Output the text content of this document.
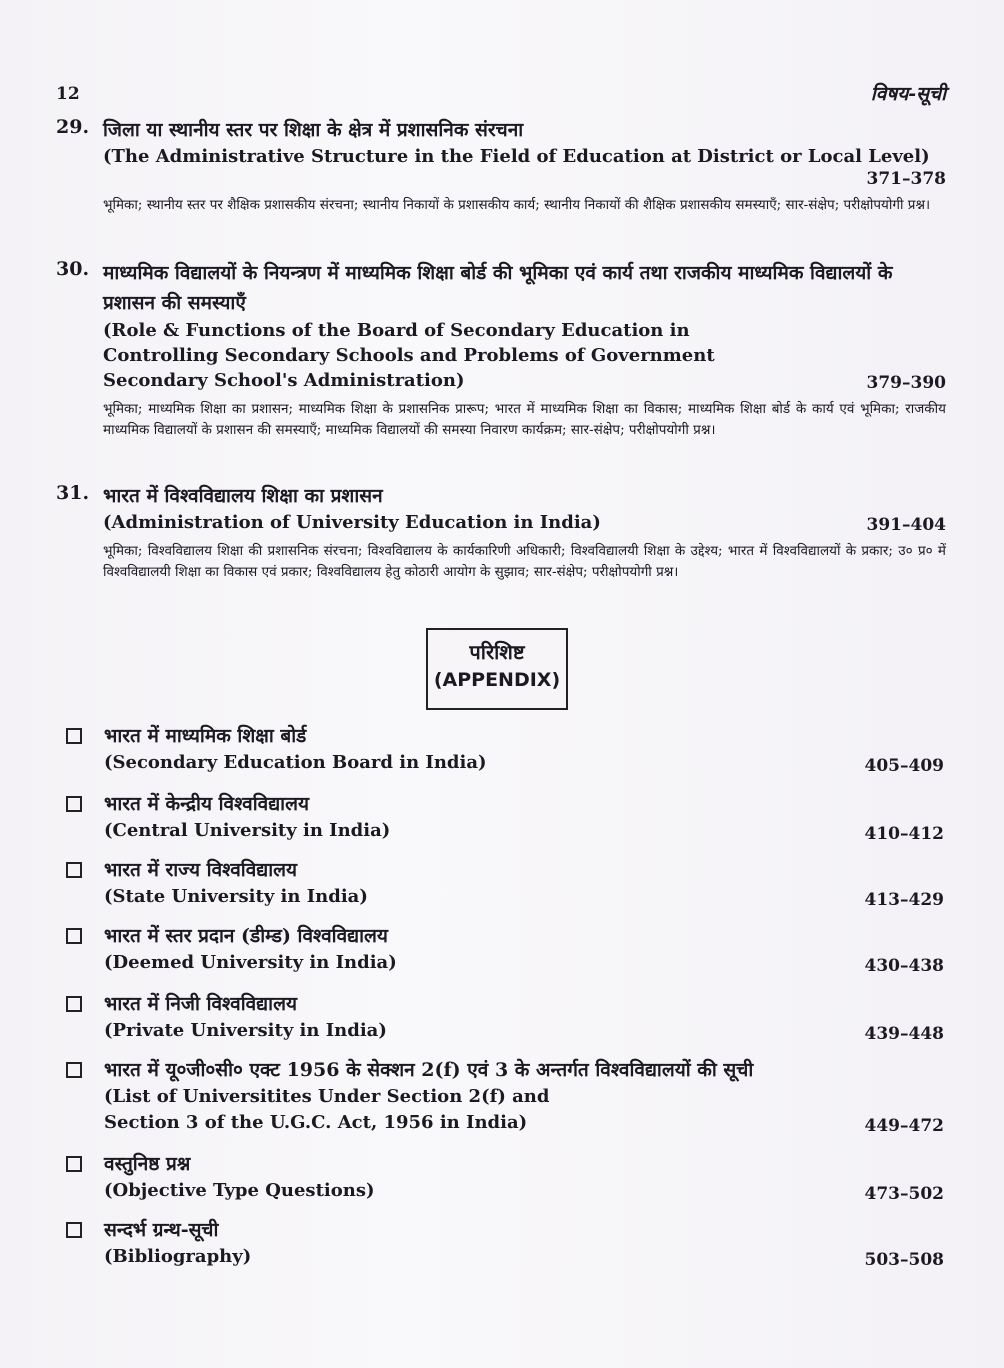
12	विषय-सूची
29. जिला या स्थानीय स्तर पर शिक्षा के क्षेत्र में प्रशासनिक संरचना
(The Administrative Structure in the Field of Education at District or Local Level)
371–378
भूमिका; स्थानीय स्तर पर शैक्षिक प्रशासकीय संरचना; स्थानीय निकायों के प्रशासकीय कार्य; स्थानीय निकायों की शैक्षिक प्रशासकीय समस्याएँ; सार-संक्षेप; परीक्षोपयोगी प्रश्न।
30. माध्यमिक विद्यालयों के नियन्त्रण में माध्यमिक शिक्षा बोर्ड की भूमिका एवं कार्य तथा राजकीय माध्यमिक विद्यालयों के प्रशासन की समस्याएँ
(Role & Functions of the Board of Secondary Education in
Controlling Secondary Schools and Problems of Government
Secondary School's Administration)	379–390
भूमिका; माध्यमिक शिक्षा का प्रशासन; माध्यमिक शिक्षा के प्रशासनिक प्रारूप; भारत में माध्यमिक शिक्षा का विकास; माध्यमिक शिक्षा बोर्ड के कार्य एवं भूमिका; राजकीय माध्यमिक विद्यालयों के प्रशासन की समस्याएँ; माध्यमिक विद्यालयों की समस्या निवारण कार्यक्रम; सार-संक्षेप; परीक्षोपयोगी प्रश्न।
31. भारत में विश्वविद्यालय शिक्षा का प्रशासन
(Administration of University Education in India)	391–404
भूमिका; विश्वविद्यालय शिक्षा की प्रशासनिक संरचना; विश्वविद्यालय के कार्यकारिणी अधिकारी; विश्वविद्यालयी शिक्षा के उद्देश्य; भारत में विश्वविद्यालयों के प्रकार; उ० प्र० में विश्वविद्यालयी शिक्षा का विकास एवं प्रकार; विश्वविद्यालय हेतु कोठारी आयोग के सुझाव; सार-संक्षेप; परीक्षोपयोगी प्रश्न।
परिशिष्ट
(APPENDIX)
भारत में माध्यमिक शिक्षा बोर्ड
(Secondary Education Board in India)	405–409
भारत में केन्द्रीय विश्वविद्यालय
(Central University in India)	410–412
भारत में राज्य विश्वविद्यालय
(State University in India)	413–429
भारत में स्तर प्रदान (डीम्ड) विश्वविद्यालय
(Deemed University in India)	430–438
भारत में निजी विश्वविद्यालय
(Private University in India)	439–448
भारत में यू०जी०सी० एक्ट 1956 के सेक्शन 2(f) एवं 3 के अन्तर्गत विश्वविद्यालयों की सूची
(List of Universitites Under Section 2(f) and
Section 3 of the U.G.C. Act, 1956 in India)	449–472
वस्तुनिष्ठ प्रश्न
(Objective Type Questions)	473–502
सन्दर्भ ग्रन्थ-सूची
(Bibliography)	503–508
